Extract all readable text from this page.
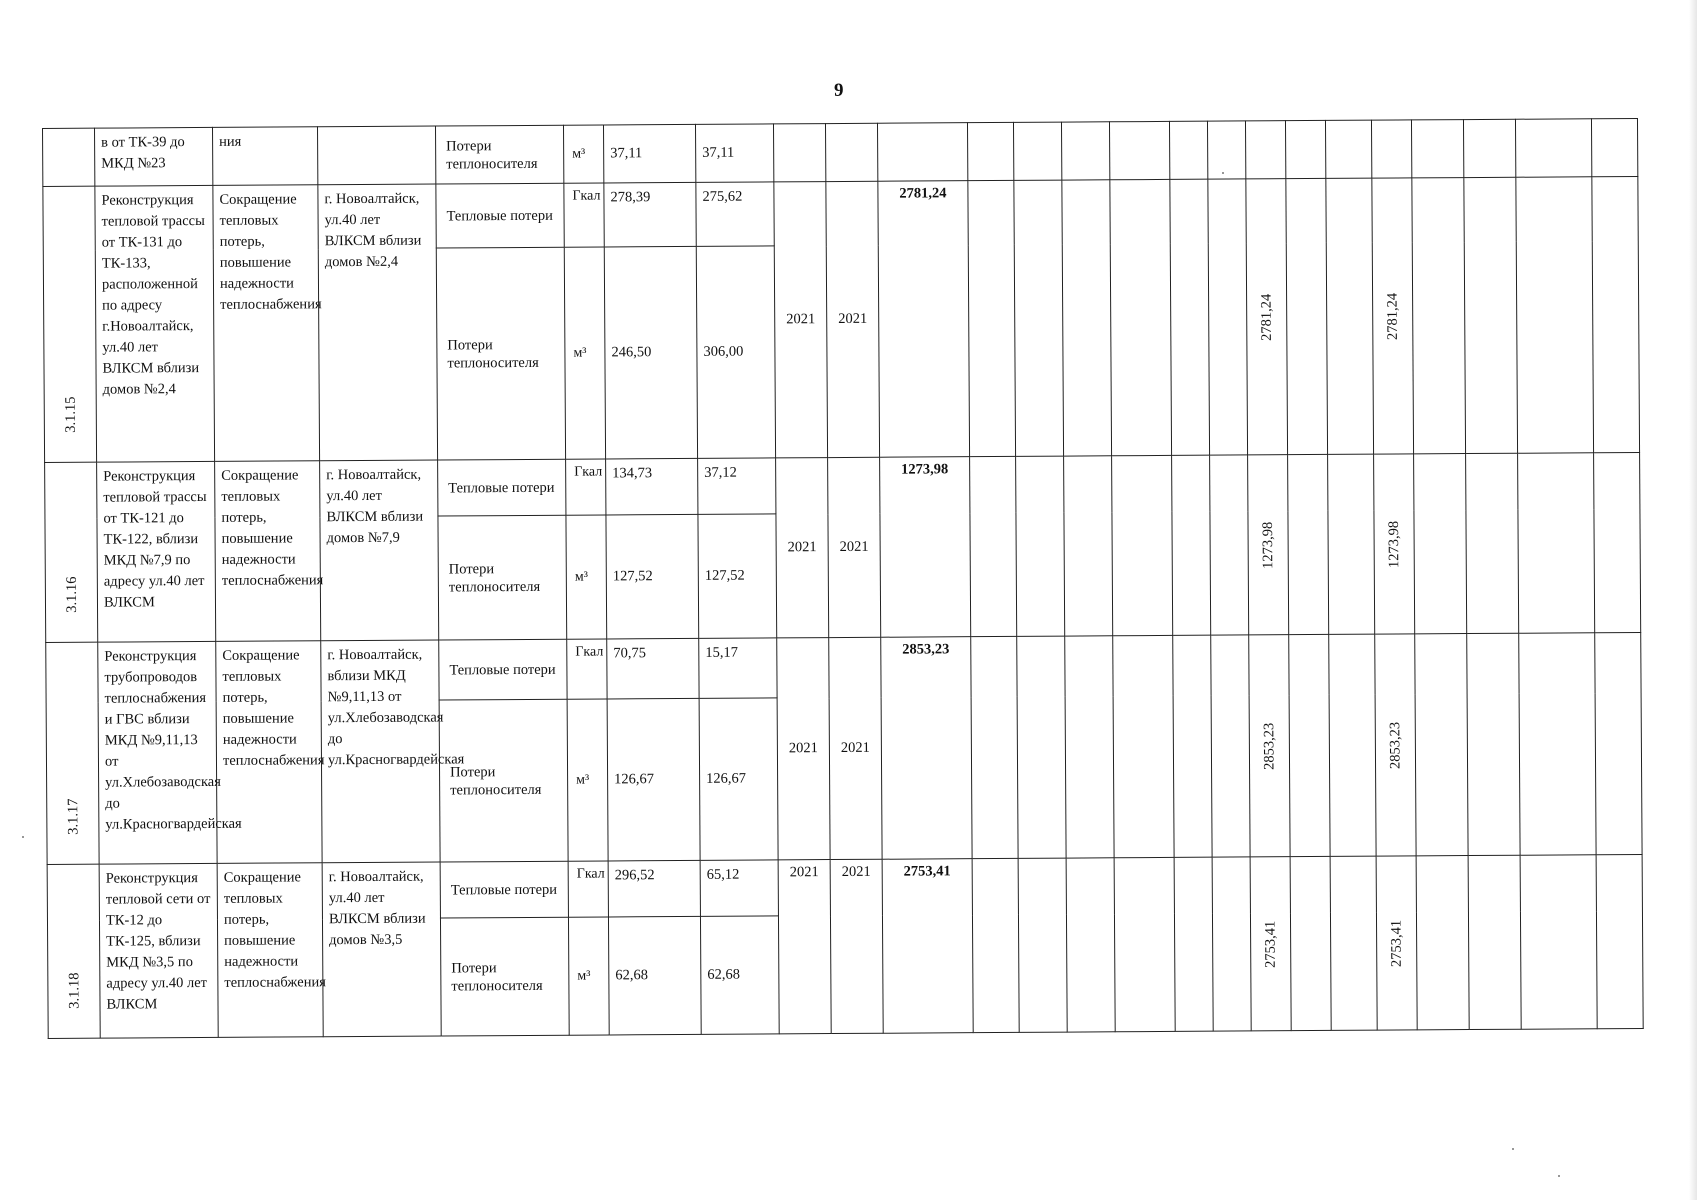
9
	в от ТК-39 до МКД №23	ния		Потери теплоносителя	м³	37,11	37,11																	

3.1.15	Реконструкция тепловой трассы от ТК-131 до ТК-133, расположенной по адресу г.Новоалтайск, ул.40 лет ВЛКСМ вблизи домов №2,4	Сокращение тепловых потерь, повышение надежности теплоснабжения	г. Новоалтайск, ул.40 лет ВЛКСМ вблизи домов №2,4	Тепловые потери	Гкал	278,39	275,62	2021	2021	2781,24							2781,24			2781,24				

				Потери теплоносителя	м³	246,50	306,00																	

3.1.16	Реконструкция тепловой трассы от ТК-121 до ТК-122, вблизи МКД №7,9 по адресу ул.40 лет ВЛКСМ	Сокращение тепловых потерь, повышение надежности теплоснабжения	г. Новоалтайск, ул.40 лет ВЛКСМ вблизи домов №7,9	Тепловые потери	Гкал	134,73	37,12	2021	2021	1273,98							1273,98			1273,98				

				Потери теплоносителя	м³	127,52	127,52																	

3.1.17	Реконструкция трубопроводов теплоснабжения и ГВС вблизи МКД №9,11,13 от ул.Хлебозаводская до ул.Красногвардейская	Сокращение тепловых потерь, повышение надежности теплоснабжения	г. Новоалтайск, вблизи МКД №9,11,13 от ул.Хлебозаводская до ул.Красногвардейская	Тепловые потери	Гкал	70,75	15,17	2021	2021	2853,23							2853,23			2853,23				

				Потери теплоносителя	м³	126,67	126,67																	

3.1.18	Реконструкция тепловой сети от ТК-12 до ТК-125, вблизи МКД №3,5 по адресу ул.40 лет ВЛКСМ	Сокращение тепловых потерь, повышение надежности теплоснабжения	г. Новоалтайск, ул.40 лет ВЛКСМ вблизи домов №3,5	Тепловые потери	Гкал	296,52	65,12	2021	2021	2753,41							2753,41			2753,41				

				Потери теплоносителя	м³	62,68	62,68																	
